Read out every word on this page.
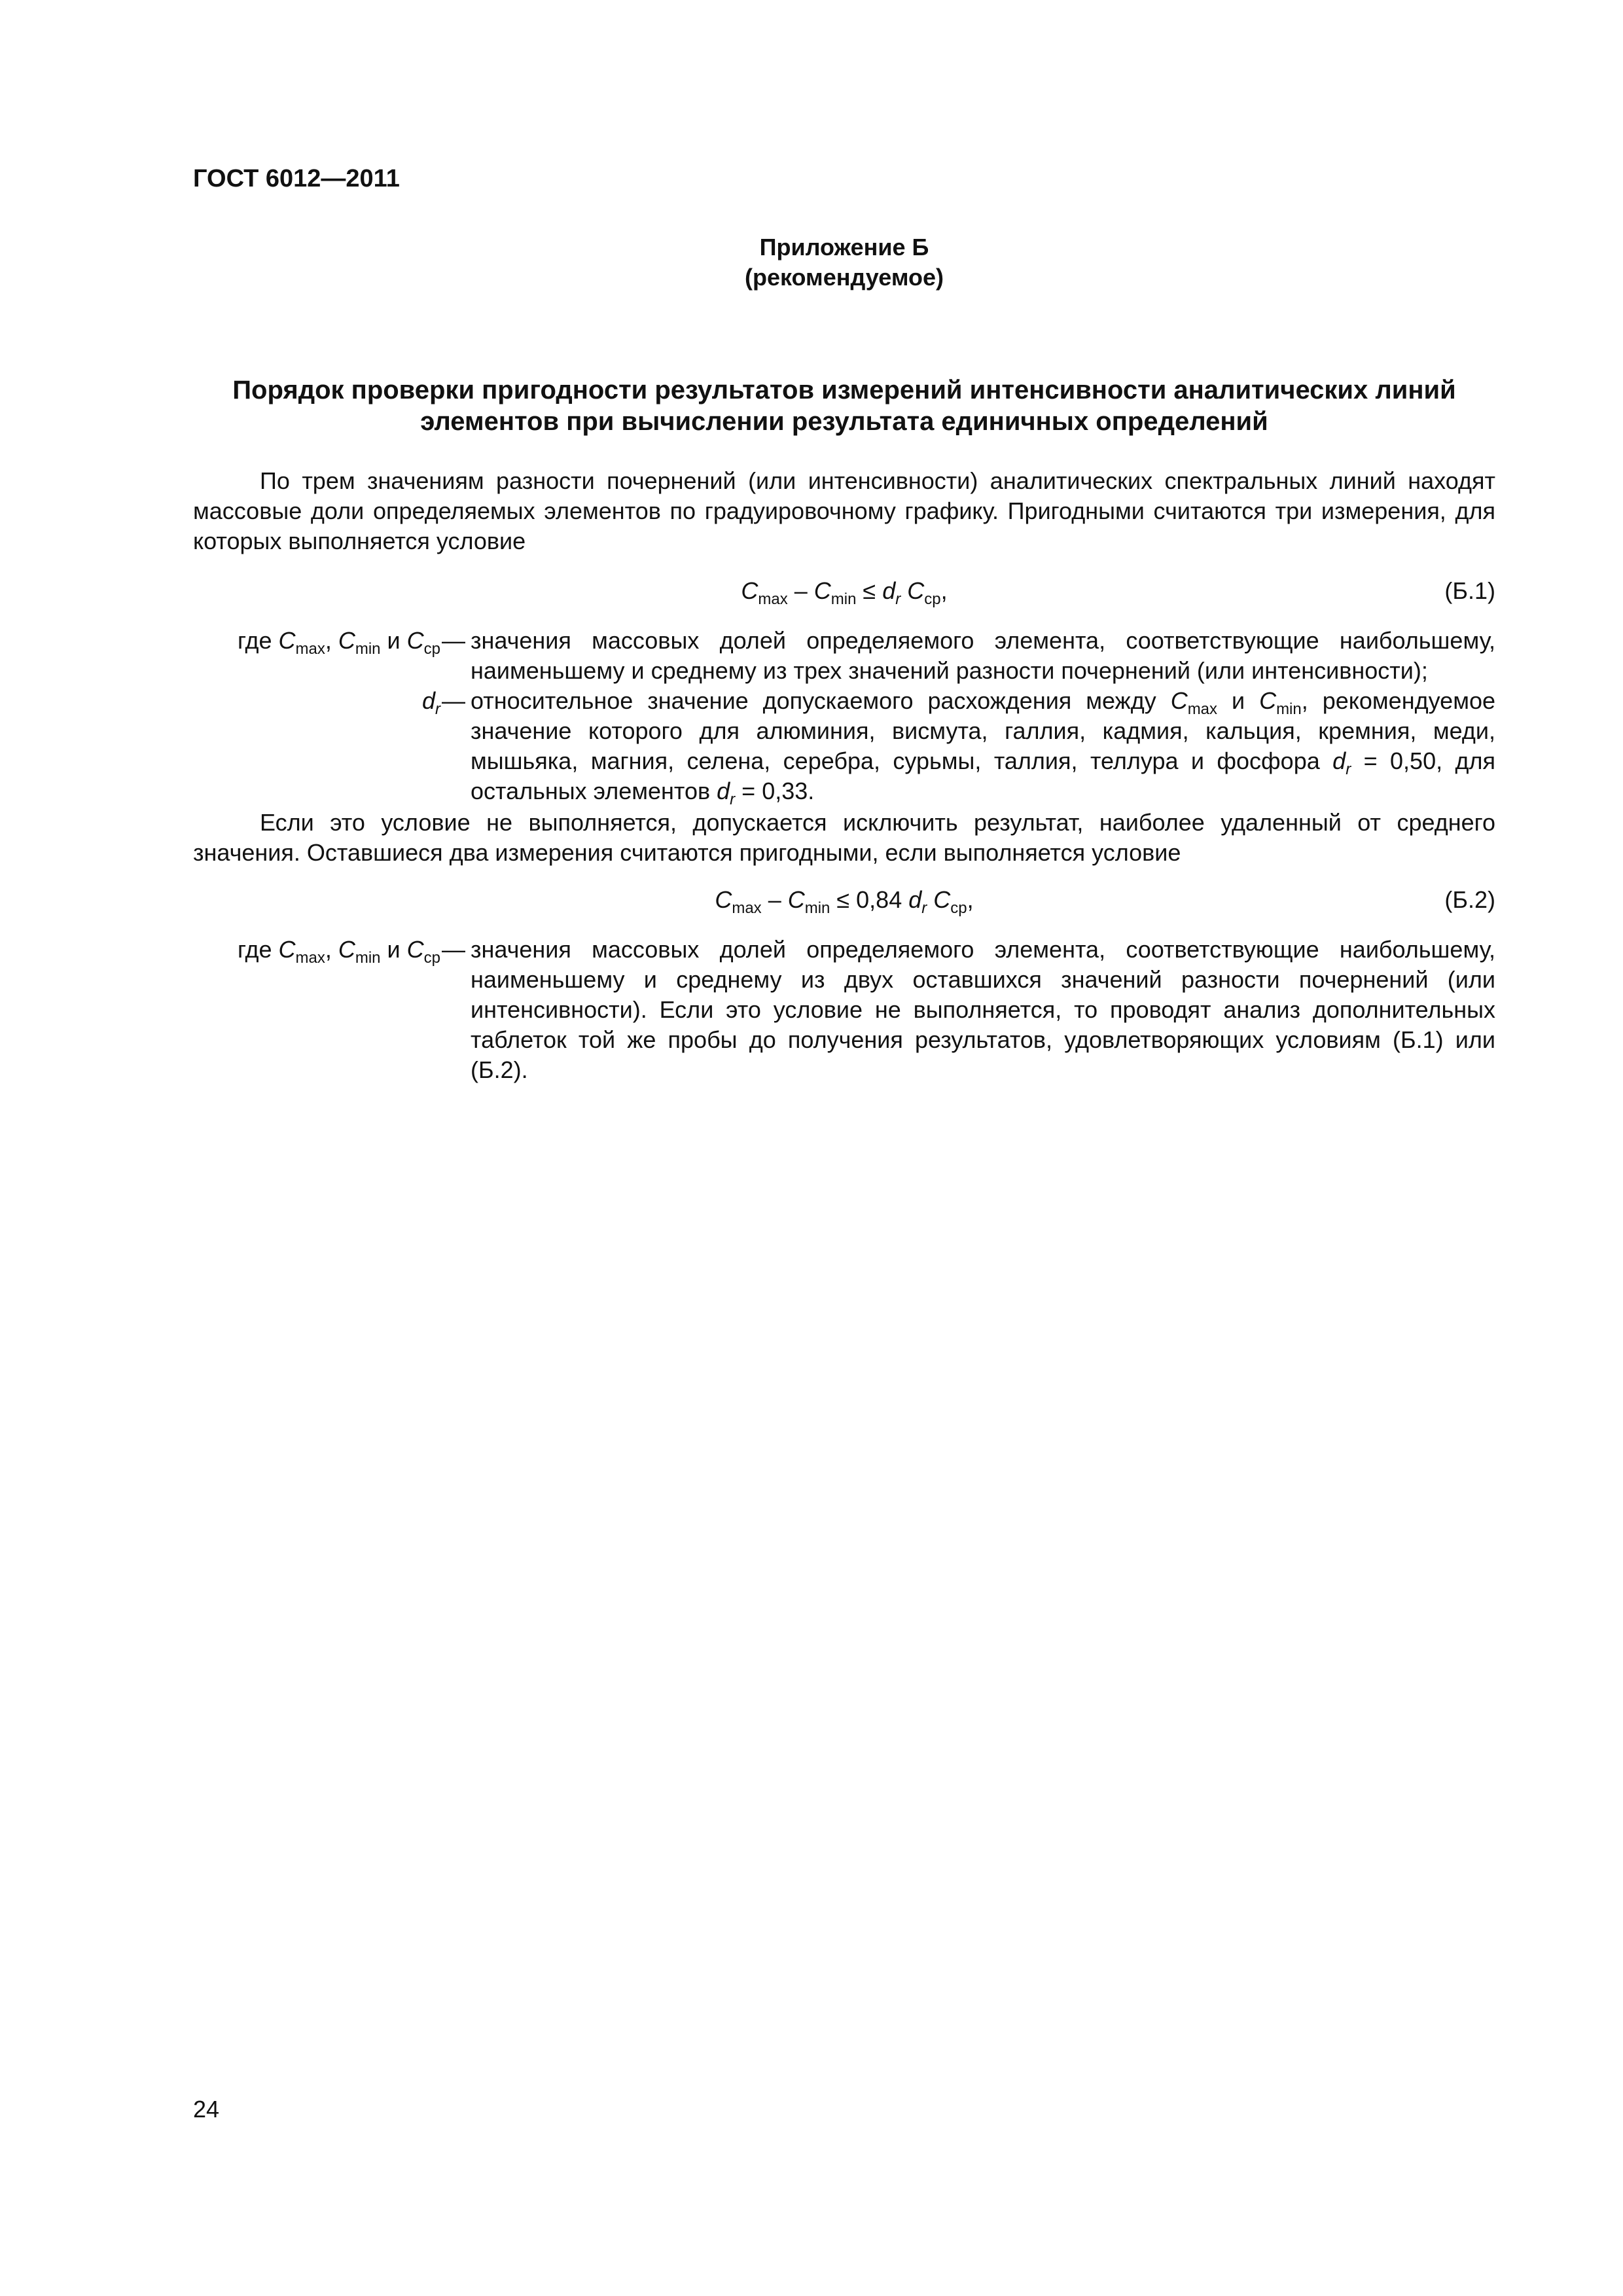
ГОСТ 6012—2011
Приложение Б
(рекомендуемое)
Порядок проверки пригодности результатов измерений интенсивности аналитических линий
элементов при вычислении результата единичных определений

По трем значениям разности почернений (или интенсивности) аналитических спектральных линий находят массовые доли определяемых элементов по градуировочному графику. Пригодными считаются три измерения, для которых выполняется условие

$C_{max} - C_{min} \le d_r$ $C_{ср}$,	(Б.1)
где $C_{max}$, $C_{min}$ и $C_{ср}$ — значения массовых долей определяемого элемента, соответствующие наибольшему, наименьшему и среднему из трех значений разности почернений (или интенсивности);
$d_r$ — относительное значение допускаемого расхождения между $C_{max}$ и $C_{min}$, рекомендуемое значение которого для алюминия, висмута, галлия, кадмия, кальция, кремния, меди, мышьяка, магния, селена, серебра, сурьмы, таллия, теллура и фосфора $d_r = 0,50$, для остальных элементов $d_r = 0,33$.

Если это условие не выполняется, допускается исключить результат, наиболее удаленный от среднего значения. Оставшиеся два измерения считаются пригодными, если выполняется условие

$C_{max} - C_{min} \le 0,84$ $d_r$ $C_{ср}$,	(Б.2)
где $C_{max}$, $C_{min}$ и $C_{ср}$ — значения массовых долей определяемого элемента, соответствующие наибольшему, наименьшему и среднему из двух оставшихся значений разности почернений (или интенсивности). Если это условие не выполняется, то проводят анализ дополнительных таблеток той же пробы до получения результатов, удовлетворяющих условиям (Б.1) или (Б.2).
24
